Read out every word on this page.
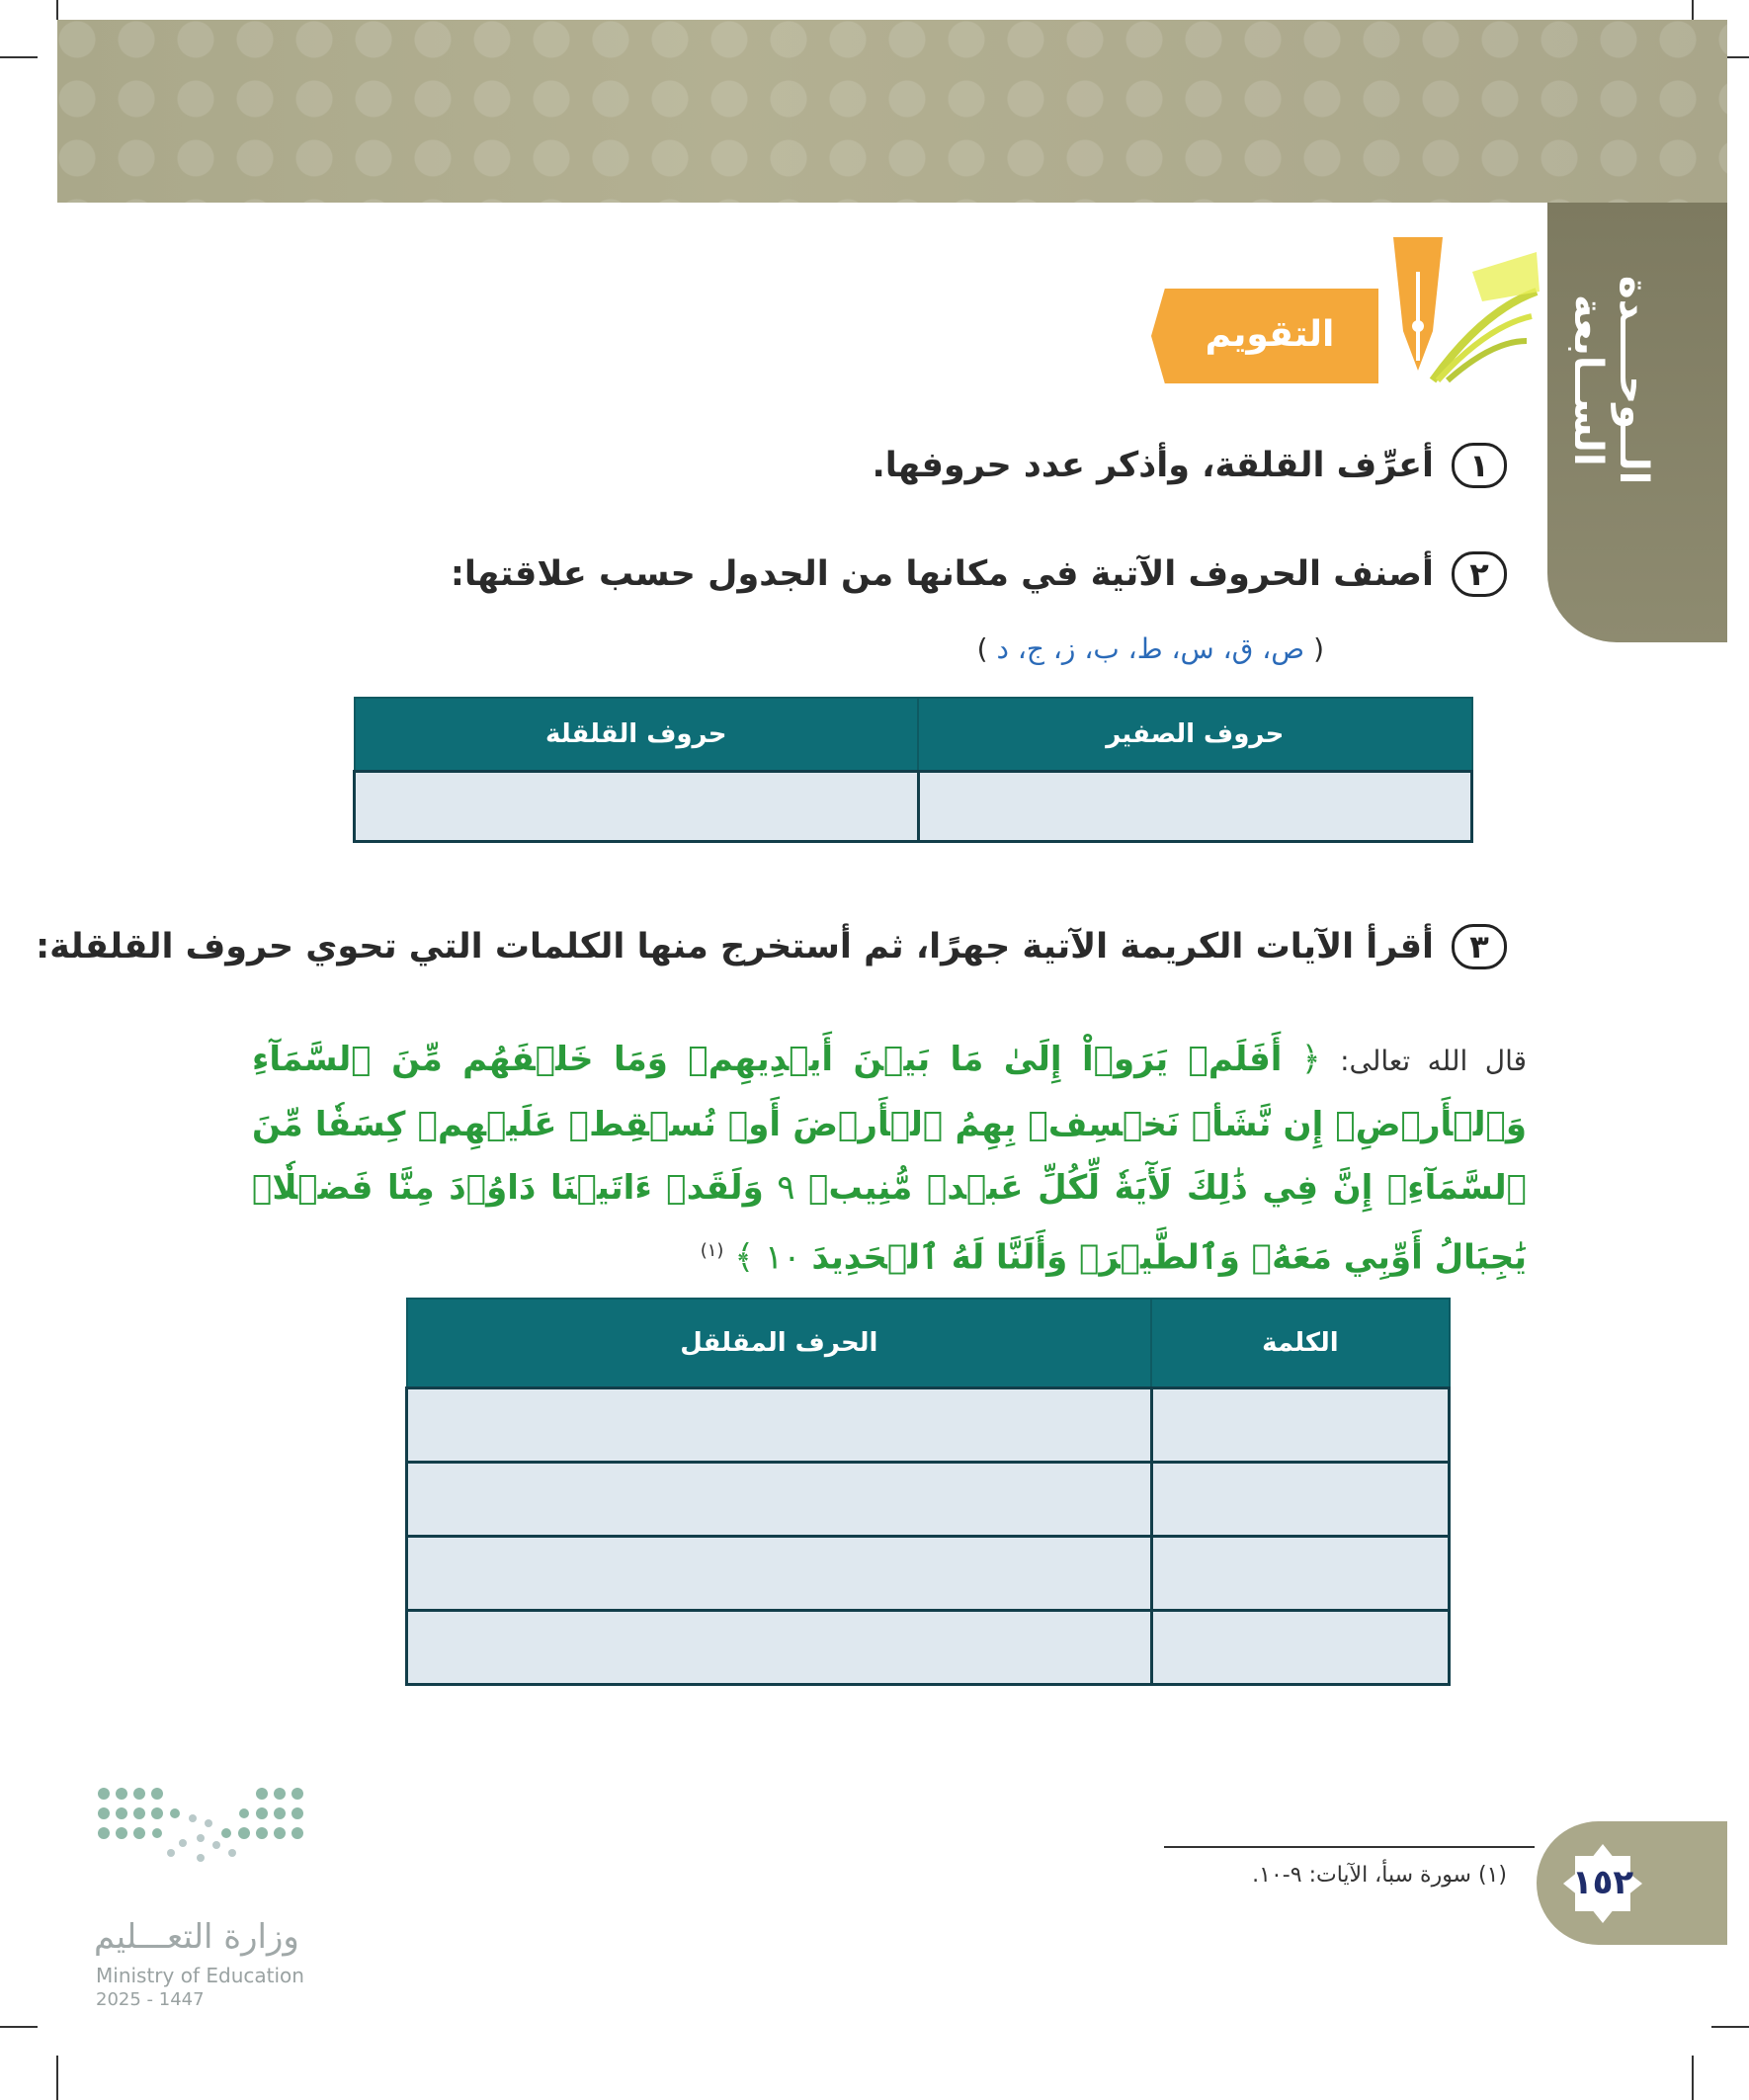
الــوحــــدة الســابعة
التقويم
١
أعرِّف القلقة، وأذكر عدد حروفها.
٢
أصنف الحروف الآتية في مكانها من الجدول حسب علاقتها:
( ص، ق، س، ط، ب، ز، ج، د )
حروف الصفير	حروف القلقلة

٣
أقرأ الآيات الكريمة الآتية جهرًا، ثم أستخرج منها الكلمات التي تحوي حروف القلقلة:
قال الله تعالى: ﴿ أَفَلَمۡ يَرَوۡاْ إِلَىٰ مَا بَيۡنَ أَيۡدِيهِمۡ وَمَا خَلۡفَهُم مِّنَ ٱلسَّمَآءِ وَٱلۡأَرۡضِۚ إِن نَّشَأۡ نَخۡسِفۡ بِهِمُ ٱلۡأَرۡضَ أَوۡ نُسۡقِطۡ عَلَيۡهِمۡ كِسَفٗا مِّنَ ٱلسَّمَآءِۚ إِنَّ فِي ذَٰلِكَ لَأٓيَةٗ لِّكُلِّ عَبۡدٖ مُّنِيبٖ ٩ وَلَقَدۡ ءَاتَيۡنَا دَاوُۥدَ مِنَّا فَضۡلٗاۖ يَٰجِبَالُ أَوِّبِي مَعَهُۥ وَٱلطَّيۡرَۖ وَأَلَنَّا لَهُ ٱلۡحَدِيدَ ١٠ ﴾ $^{(١)}$
الكلمة	الحرف المقلقل

(١) سورة سبأ، الآيات: ٩-١٠. ١٥٢
وزارة التعـــليم
Ministry of Education
2025 - 1447
